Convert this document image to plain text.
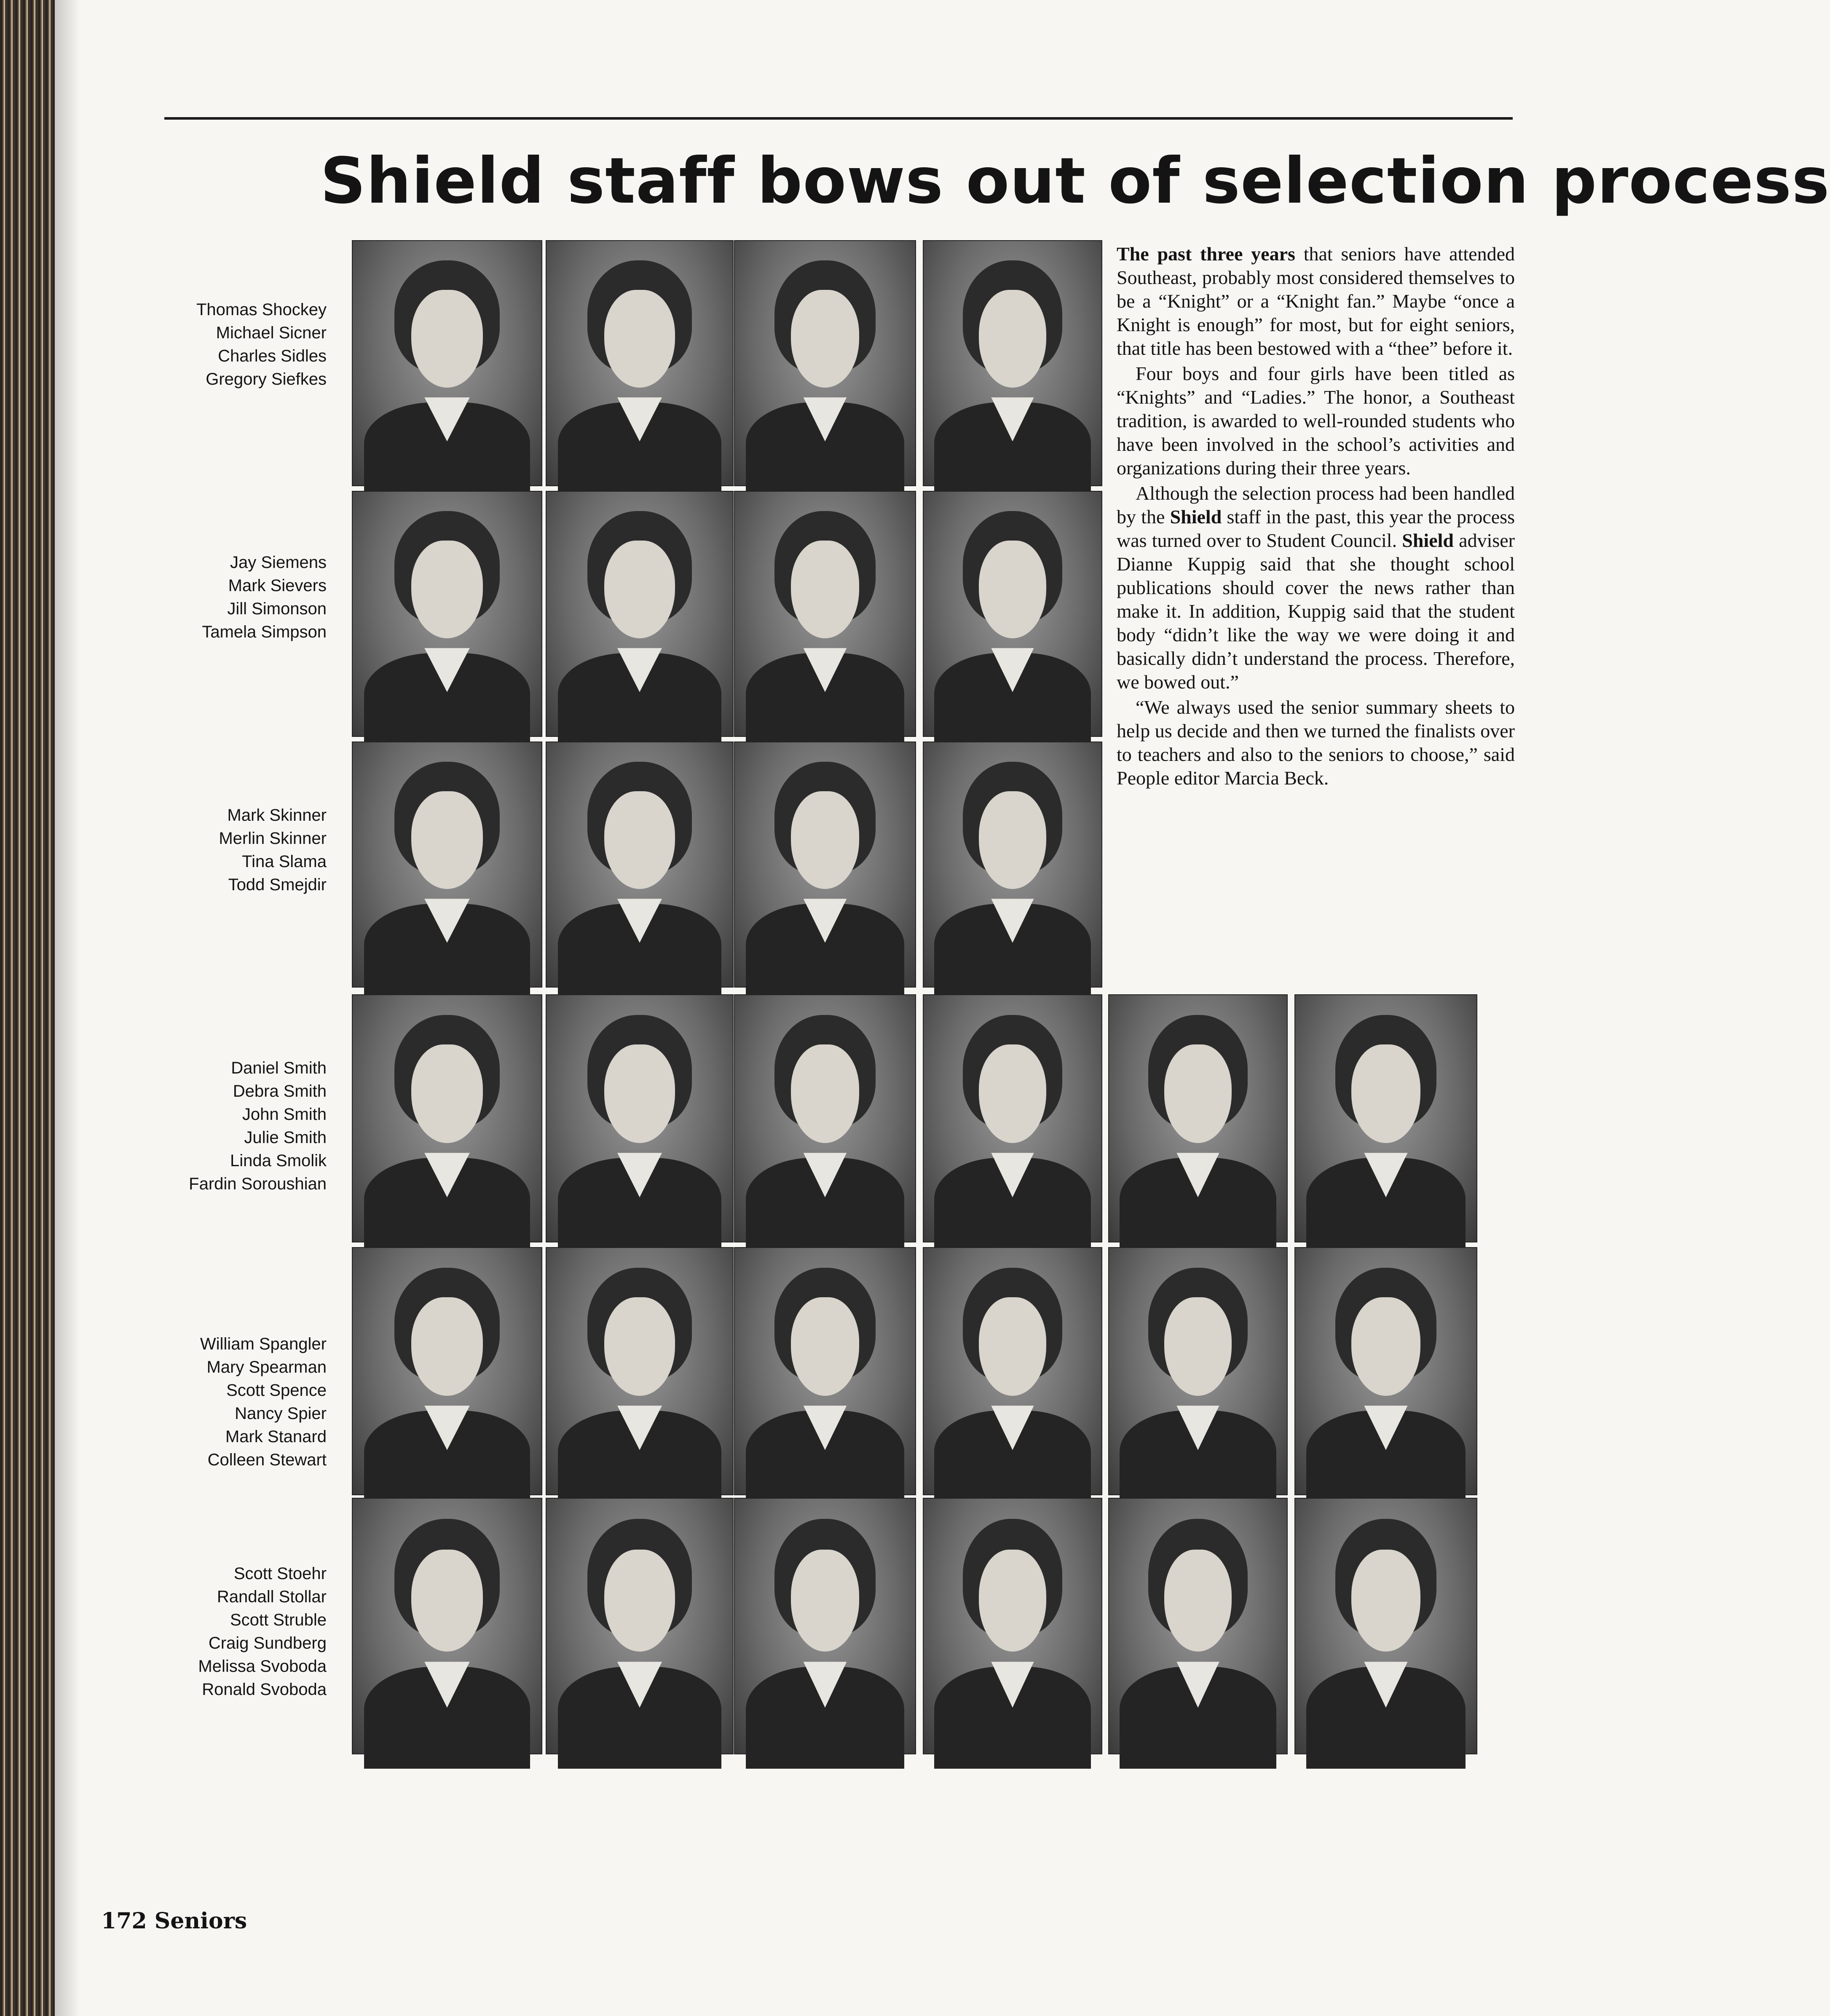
Shield staff bows out of selection process
Thomas Shockey
Michael Sicner
Charles Sidles
Gregory Siefkes
Jay Siemens
Mark Sievers
Jill Simonson
Tamela Simpson
Mark Skinner
Merlin Skinner
Tina Slama
Todd Smejdir
Daniel Smith
Debra Smith
John Smith
Julie Smith
Linda Smolik
Fardin Soroushian
William Spangler
Mary Spearman
Scott Spence
Nancy Spier
Mark Stanard
Colleen Stewart
Scott Stoehr
Randall Stollar
Scott Struble
Craig Sundberg
Melissa Svoboda
Ronald Svoboda

The past three years that seniors have attended Southeast, probably most considered themselves to be a “Knight” or a “Knight fan.” Maybe “once a Knight is enough” for most, but for eight seniors, that title has been bestowed with a “thee” before it.

Four boys and four girls have been titled as “Knights” and “Ladies.” The honor, a Southeast tradition, is awarded to well-rounded students who have been involved in the school’s activities and organizations during their three years.

Although the selection process had been handled by the Shield staff in the past, this year the process was turned over to Student Council. Shield adviser Dianne Kuppig said that she thought school publications should cover the news rather than make it. In addition, Kuppig said that the student body “didn’t like the way we were doing it and basically didn’t understand the process. Therefore, we bowed out.”

“We always used the senior summary sheets to help us decide and then we turned the finalists over to teachers and also to the seniors to choose,” said People editor Marcia Beck.

172 Seniors
